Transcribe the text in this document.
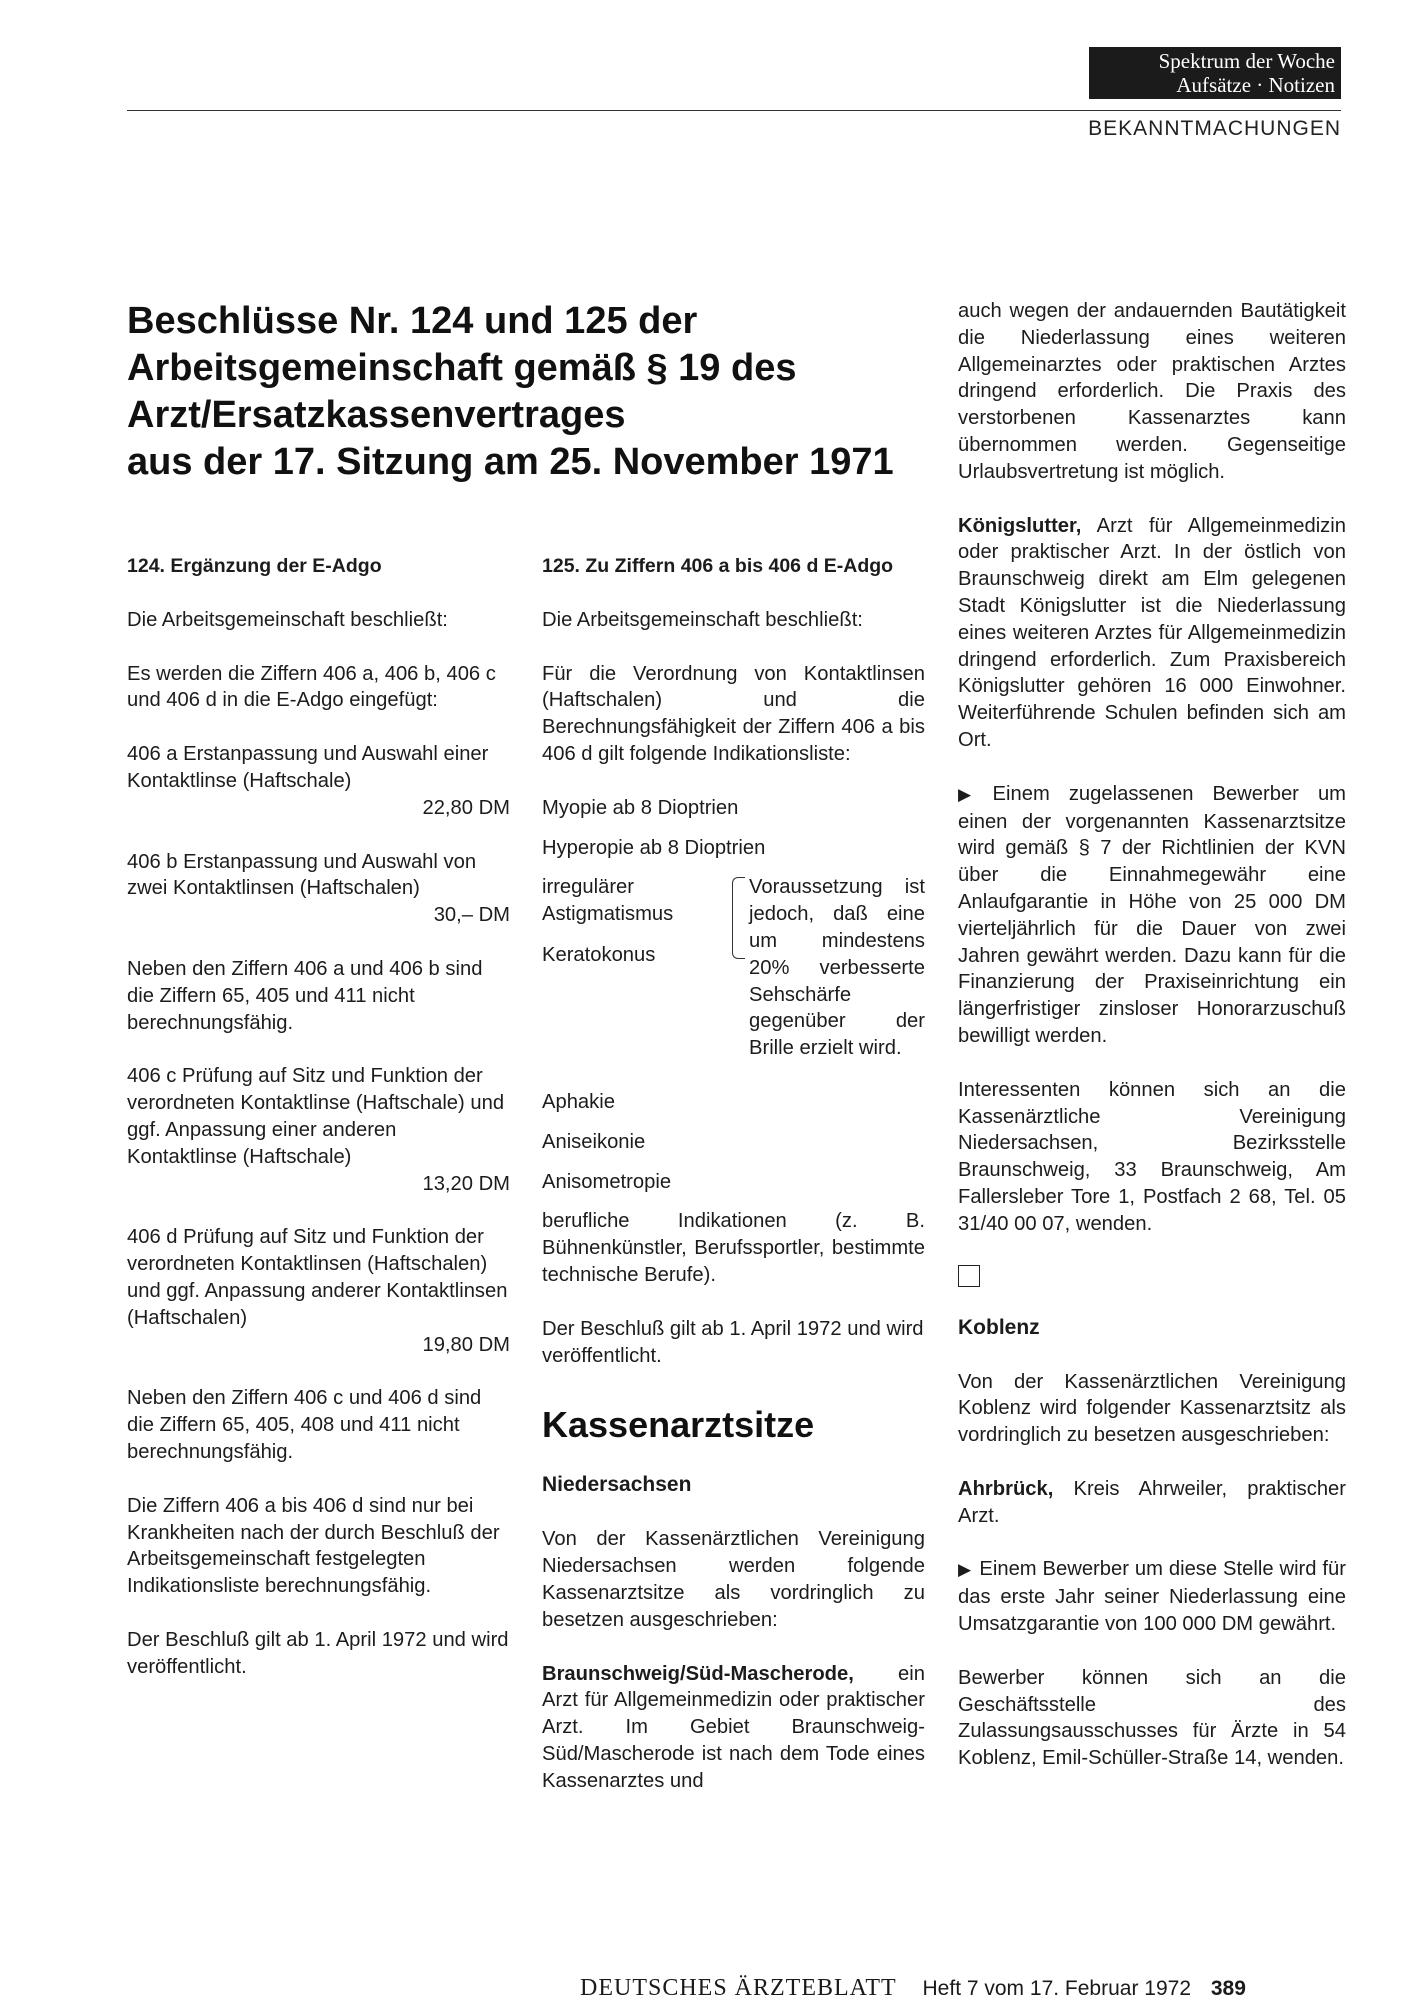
Spektrum der Woche
Aufsätze · Notizen
BEKANNTMACHUNGEN
Beschlüsse Nr. 124 und 125 der
Arbeitsgemeinschaft gemäß § 19 des
Arzt/Ersatzkassenvertrages
aus der 17. Sitzung am 25. November 1971
124. Ergänzung der E-Adgo

Die Arbeitsgemeinschaft beschließt:

Es werden die Ziffern 406 a, 406 b, 406 c und 406 d in die E-Adgo eingefügt:

406 a Erstanpassung und Auswahl einer Kontaktlinse (Haftschale)
22,80 DM

406 b Erstanpassung und Auswahl von zwei Kontaktlinsen (Haftschalen)
30,– DM

Neben den Ziffern 406 a und 406 b sind die Ziffern 65, 405 und 411 nicht berechnungsfähig.

406 c Prüfung auf Sitz und Funktion der verordneten Kontaktlinse (Haftschale) und ggf. Anpassung einer anderen Kontaktlinse (Haftschale)
13,20 DM

406 d Prüfung auf Sitz und Funktion der verordneten Kontaktlinsen (Haftschalen) und ggf. Anpassung anderer Kontaktlinsen (Haftschalen)
19,80 DM

Neben den Ziffern 406 c und 406 d sind die Ziffern 65, 405, 408 und 411 nicht berechnungsfähig.

Die Ziffern 406 a bis 406 d sind nur bei Krankheiten nach der durch Beschluß der Arbeitsgemeinschaft festgelegten Indikationsliste berechnungsfähig.

Der Beschluß gilt ab 1. April 1972 und wird veröffentlicht.

125. Zu Ziffern 406 a bis 406 d E-Adgo

Die Arbeitsgemeinschaft beschließt:

Für die Verordnung von Kontaktlinsen (Haftschalen) und die Berechnungsfähigkeit der Ziffern 406 a bis 406 d gilt folgende Indikationsliste:

Myopie ab 8 Dioptrien

Hyperopie ab 8 Dioptrien

irregulärer Astigmatismus
Keratokonus
Voraussetzung ist jedoch, daß eine um mindestens 20% verbesserte Sehschärfe gegenüber der Brille erzielt wird.

Aphakie

Aniseikonie

Anisometropie

berufliche Indikationen (z. B. Bühnenkünstler, Berufssportler, bestimmte technische Berufe).

Der Beschluß gilt ab 1. April 1972 und wird veröffentlicht.

Kassenarztsitze
Niedersachsen

Von der Kassenärztlichen Vereinigung Niedersachsen werden folgende Kassenarztsitze als vordringlich zu besetzen ausgeschrieben:

Braunschweig/Süd-Mascherode, ein Arzt für Allgemeinmedizin oder praktischer Arzt. Im Gebiet Braunschweig-Süd/Mascherode ist nach dem Tode eines Kassenarztes und

auch wegen der andauernden Bautätigkeit die Niederlassung eines weiteren Allgemeinarztes oder praktischen Arztes dringend erforderlich. Die Praxis des verstorbenen Kassenarztes kann übernommen werden. Gegenseitige Urlaubsvertretung ist möglich.

Königslutter, Arzt für Allgemeinmedizin oder praktischer Arzt. In der östlich von Braunschweig direkt am Elm gelegenen Stadt Königslutter ist die Niederlassung eines weiteren Arztes für Allgemeinmedizin dringend erforderlich. Zum Praxisbereich Königslutter gehören 16 000 Einwohner. Weiterführende Schulen befinden sich am Ort.

▶ Einem zugelassenen Bewerber um einen der vorgenannten Kassenarztsitze wird gemäß § 7 der Richtlinien der KVN über die Einnahmegewähr eine Anlaufgarantie in Höhe von 25 000 DM vierteljährlich für die Dauer von zwei Jahren gewährt werden. Dazu kann für die Finanzierung der Praxiseinrichtung ein längerfristiger zinsloser Honorarzuschuß bewilligt werden.

Interessenten können sich an die Kassenärztliche Vereinigung Niedersachsen, Bezirksstelle Braunschweig, 33 Braunschweig, Am Fallersleber Tore 1, Postfach 2 68, Tel. 05 31/40 00 07, wenden.

Koblenz

Von der Kassenärztlichen Vereinigung Koblenz wird folgender Kassenarztsitz als vordringlich zu besetzen ausgeschrieben:

Ahrbrück, Kreis Ahrweiler, praktischer Arzt.

▶ Einem Bewerber um diese Stelle wird für das erste Jahr seiner Niederlassung eine Umsatzgarantie von 100 000 DM gewährt.

Bewerber können sich an die Geschäftsstelle des Zulassungsausschusses für Ärzte in 54 Koblenz, Emil-Schüller-Straße 14, wenden.

DEUTSCHES ÄRZTEBLATT Heft 7 vom 17. Februar 1972 389
